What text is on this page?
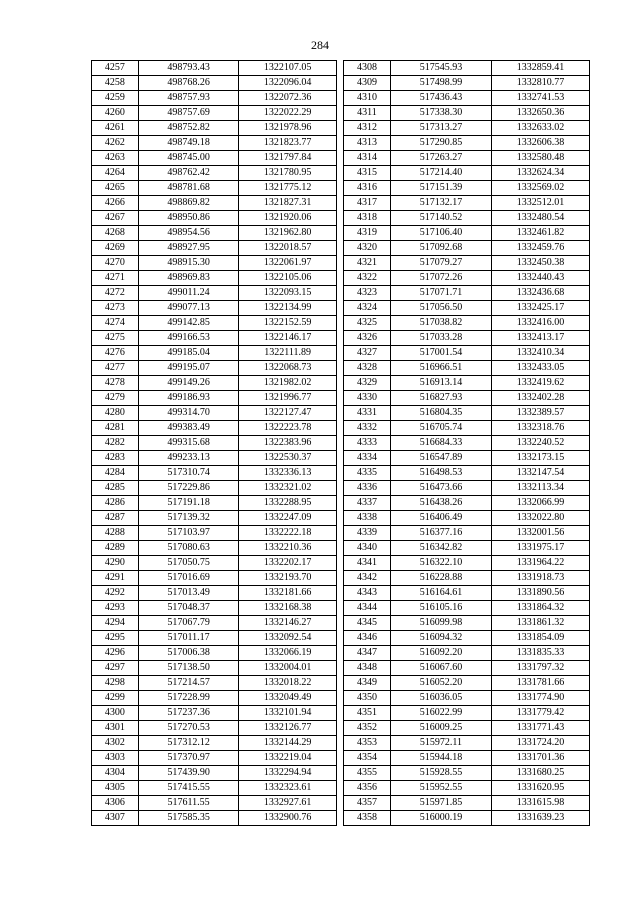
284
4257	498793.43	1322107.05
4258	498768.26	1322096.04
4259	498757.93	1322072.36
4260	498757.69	1322022.29
4261	498752.82	1321978.96
4262	498749.18	1321823.77
4263	498745.00	1321797.84
4264	498762.42	1321780.95
4265	498781.68	1321775.12
4266	498869.82	1321827.31
4267	498950.86	1321920.06
4268	498954.56	1321962.80
4269	498927.95	1322018.57
4270	498915.30	1322061.97
4271	498969.83	1322105.06
4272	499011.24	1322093.15
4273	499077.13	1322134.99
4274	499142.85	1322152.59
4275	499166.53	1322146.17
4276	499185.04	1322111.89
4277	499195.07	1322068.73
4278	499149.26	1321982.02
4279	499186.93	1321996.77
4280	499314.70	1322127.47
4281	499383.49	1322223.78
4282	499315.68	1322383.96
4283	499233.13	1322530.37
4284	517310.74	1332336.13
4285	517229.86	1332321.02
4286	517191.18	1332288.95
4287	517139.32	1332247.09
4288	517103.97	1332222.18
4289	517080.63	1332210.36
4290	517050.75	1332202.17
4291	517016.69	1332193.70
4292	517013.49	1332181.66
4293	517048.37	1332168.38
4294	517067.79	1332146.27
4295	517011.17	1332092.54
4296	517006.38	1332066.19
4297	517138.50	1332004.01
4298	517214.57	1332018.22
4299	517228.99	1332049.49
4300	517237.36	1332101.94
4301	517270.53	1332126.77
4302	517312.12	1332144.29
4303	517370.97	1332219.04
4304	517439.90	1332294.94
4305	517415.55	1332323.61
4306	517611.55	1332927.61
4307	517585.35	1332900.76
4308	517545.93	1332859.41
4309	517498.99	1332810.77
4310	517436.43	1332741.53
4311	517338.30	1332650.36
4312	517313.27	1332633.02
4313	517290.85	1332606.38
4314	517263.27	1332580.48
4315	517214.40	1332624.34
4316	517151.39	1332569.02
4317	517132.17	1332512.01
4318	517140.52	1332480.54
4319	517106.40	1332461.82
4320	517092.68	1332459.76
4321	517079.27	1332450.38
4322	517072.26	1332440.43
4323	517071.71	1332436.68
4324	517056.50	1332425.17
4325	517038.82	1332416.00
4326	517033.28	1332413.17
4327	517001.54	1332410.34
4328	516966.51	1332433.05
4329	516913.14	1332419.62
4330	516827.93	1332402.28
4331	516804.35	1332389.57
4332	516705.74	1332318.76
4333	516684.33	1332240.52
4334	516547.89	1332173.15
4335	516498.53	1332147.54
4336	516473.66	1332113.34
4337	516438.26	1332066.99
4338	516406.49	1332022.80
4339	516377.16	1332001.56
4340	516342.82	1331975.17
4341	516322.10	1331964.22
4342	516228.88	1331918.73
4343	516164.61	1331890.56
4344	516105.16	1331864.32
4345	516099.98	1331861.32
4346	516094.32	1331854.09
4347	516092.20	1331835.33
4348	516067.60	1331797.32
4349	516052.20	1331781.66
4350	516036.05	1331774.90
4351	516022.99	1331779.42
4352	516009.25	1331771.43
4353	515972.11	1331724.20
4354	515944.18	1331701.36
4355	515928.55	1331680.25
4356	515952.55	1331620.95
4357	515971.85	1331615.98
4358	516000.19	1331639.23
